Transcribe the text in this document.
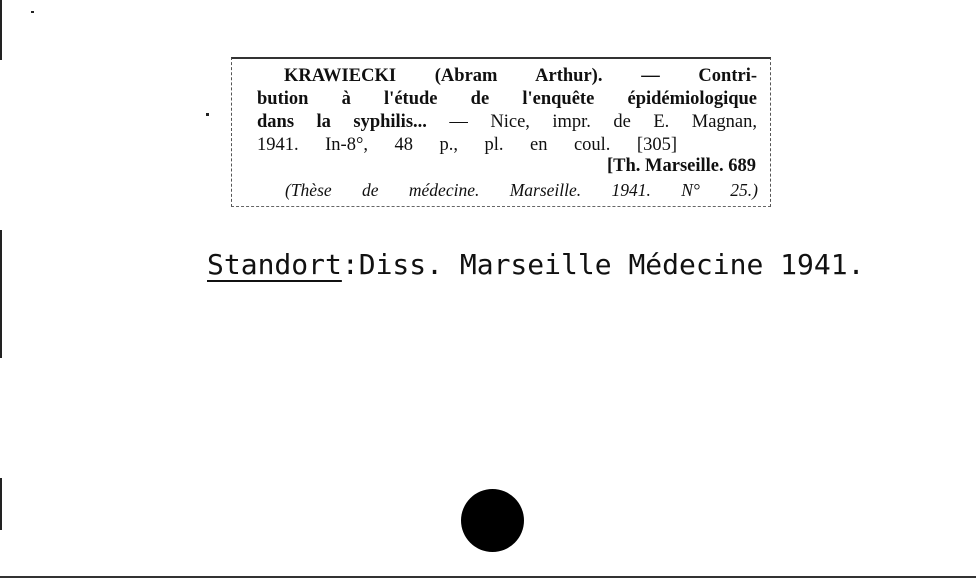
KRAWIECKI (Abram Arthur). — Contri-
bution à l'étude de l'enquête épidémiologique
dans la syphilis... — Nice, impr. de E. Magnan,
1941. In-8°, 48 p., pl. en coul. [305]
[Th. Marseille. 689
(Thèse de médecine. Marseille. 1941. N° 25.)
Standort:Diss. Marseille Médecine 1941.
